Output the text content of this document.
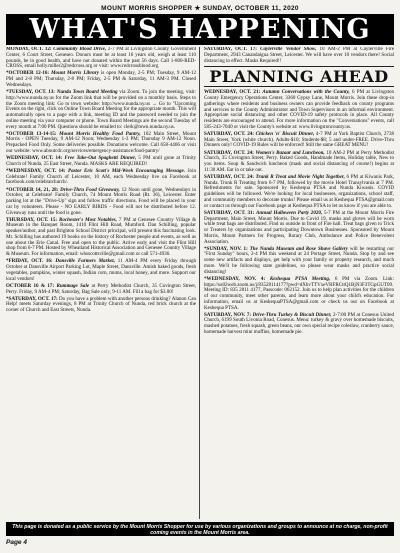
MOUNT MORRIS SHOPPER ★ SUNDAY, OCTOBER 11, 2020
WHAT'S HAPPENING

MONDAY, OCT. 12: Community Blood Drive, 2-7 PM at Livingston County Government Center, 6 Court Street, Geneseo. Donors must be at least 16 years old, weigh at least 110 pounds, be in good health, and have not donated within the past 56 days. Call 1-800-RED-CROSS, email holly.miller2@redcross.org or visit: www.redcrossblood.org

*OCTOBER 12-16: Mount Morris Library is open Monday, 2-5 PM; Tuesday, 9 AM-12 PM and 2-8 PM; Thursday, 2-8 PM; Friday, 2-5 PM & Saturday, 11 AM-3 PM. Closed Wednesdays.

*TUESDAY, OCT. 13: Nunda Town Board Meeting via Zoom. To join the meeting, visit: http://www.nunda.ny.us for the Zoom link that will be provided on a monthly basis. Steps to the Zoom meeting link: Go to town website: http://www.nunda.ny.us → Go to "Upcoming Events on the right, click on Online Town Board Meeting for the appropriate month. This will automatically open to a page with a link, meeting ID and the password needed to join the online meeting via your computer or phone. Town Board Meetings are the second Tuesday of every month at 7:00 PM. Questions should be emailed to: clerk@town.nunda.ny.us.

*OCTOBER 13-14-15: Mount Morris Healthy Food Pantry, 102 Main Street, Mount Morris - OPEN Tuesday, 9 AM-12 Noon; Wednesday 1-3 PM; Thursday 9 AM-12 Noon. Prepacked Food Only. Some deliveries possible. Donations welcome. Call 658-4466 or visit our website: www.aboutcdc.org/services/emergency-assistance/food-pantry/

WEDNESDAY, OCT. 14: Free Take-Out Spaghetti Dinner, 5 PM until gone at Trinity Church of Nunda, 25 East Street, Nunda. MASKS ARE REQUIRED!

*WEDNESDAY, OCT. 14: Pastor Eric Scott's Mid-Week Encouraging Message. Join Celebrate! Family Church of Leicester, 10 AM, each Wednesday live on Facebook at facebook.com/celebratchurch/.

*OCTOBER 14, 21, 28: Drive-Thru Food Giveaway, 12 Noon until gone, Wednesdays in October, at Celebrate! Family Church, 74 Mount Morris Road (Rt. 36), Leicester. Enter parking lot at the "Drive-Up" sign and follow traffic directions. Food will be placed in your car by volunteers. Please - NO EARLY BIRDS - Food will not be distributed before 12. Giveaway runs until the food is gone.

THURSDAY, OCT. 15: Rochester's Most Notables, 7 PM at Genesee Country Village & Museum in the Banquet Room, 1410 Flint Hill Road, Mumford. Dan Schilling, popular speaker/author, and past Brighton School District principal, will present this fascinating look. Mr. Schilling has authored 19 books on the history of Rochester people and events, as well as one about the Erie Canal. Free and open to the public. Arrive early and visit the Flint Hill shop from 6-7 PM. Hosted by Wheatland Historical Association and Genesee Country Village & Museum. For information, email: whsscottsville@gmail.com or call 571-4936.

*FRIDAY, OCT. 16: Dansville Farmers Market, 11 AM-4 PM every Friday through October at Dansville Airport Parking Lot, Maple Street, Dansville. Amish baked goods, fresh vegetables, pumpkins, winter squash, Indian corn, mums, local honey, and more. Support our local vendors!

OCTOBER 16 & 17: Rummage Sale at Perry Methodist Church, 35 Covington Street, Perry. Friday, 9 AM-4 PM; Saturday, Bag Sale only, 9-11 AM. Fill a bag for $3.00!

*SATURDAY, OCT. 17: Do you have a problem with another persons drinking? Alanon Can Help! meets Saturday evenings, 8 PM at Trinity Church of Nunda, red brick church at the corner of Church and East Streets, Nunda.

SATURDAY, OCT. 17: Caylerville Vendor Show, 10 AM-2 PM at Caylerville Fire Department, 2943 Canandaigua Street, Leicester. We will have over 10 vendors there! Social distancing in effect. Masks Required!!

PLANNING AHEAD

WEDNESDAY, OCT. 21: Autumn Conversations with the County, 6 PM at Livingston County Emergency Operations Center, 3360 Gypsy Lane, Mount Morris. Join these drop-in gatherings where residents and business owners can provide feedback on county programs and services to the County Administrator and Town Supervisors in an informal environment. Appropriate social distancing and other COVID-19 safety protocols in place. All County residents are encouraged to attend. For more information on the "Conversations" events, call 585-243-7040 or visit the County's website at: www.livingstoncounty.us.

SATURDAY, OCT. 24: Chicken 'n' Biscuit Dinner, 4-7 PM at York Baptist Church, 2738 Main Street, York (white church). Adults-$10; Students-$8; 5 and under-FREE. Drive-Thru Dinners only! COVID-19 Rules will be enforced! Still the same GREAT MENU!

SATURDAY, OCT. 24: Women's Bazaar and Luncheon, 10 AM-2 PM at Perry Methodist Church, 35 Covington Street, Perry. Baked Goods, Handmade Items, Holiday table, New to you items. Soup & Sandwich luncheon (mask and social distancing of course!) begins at 11:30 AM. Eat in or take out.

SATURDAY, OCT. 24: Trunk R Treat and Movie Night Together, 6 PM at Kiwanis Park, Nunda. Trunk R Treating from 6-7 PM, followed by the movie Hotel Transylvania at 7 PM. Refreshments for sale. Sponsored by Keshequa PTSA and Nunda Kiwanis. COVID guidelines will be followed. We're looking for local businesses, organizations, school staff, and community members to decorate trunks! Please email us at Keshequa PTSA@gmail.com or contact us through our Facebook page at Keshequa PTSA to let us know if you are able to.

SATURDAY, OCT. 31: Annual Halloween Party 2020, 5-7 PM at the Mount Morris Fire Department, Main Street, Mount Morris. Due to Covid 19, masks and gloves will be worn while treat bags are distributed. Find us outside in front of Fire hall. Treat bags given to Trick or Treaters by organizations and participating Downtown Businesses. Sponsored by Mount Morris, Mount Partners for Progress, Rotary Club, Ambulance and Police Benevolent Association.

*SUNDAY, NOV. 1: The Nunda Museum and Rose Shave Gallery will be restarting our "First Sunday" hours, 2-4 PM this weekend at 24 Portage Street, Nunda. Stop by and see some new artifacts and displays, get help with your family or property research, and much more. We'll be following state guidelines, so please wear masks and practice social distancing!

*WEDNESDAY, NOV. 4: Keshequa PTSA Meeting, 6 PM via Zoom. Link: https://us02web.zoom.us/j/83528114177?pwd=dXhvTTVxeVRFRCttQ1BjN3F3TGpGUT09. Meeting ID: 835 2811 4177, Passcode: 062152. Join us to help plan activities for the children of our community, meet other parents, and learn more about your child's education. For information, email us at KeshequaPTSA@gmail.com or check us out on Facebook at Keshequa PTSA.

SATURDAY, NOV. 7: Drive-Thru Turkey & Biscuit Dinner, 2-7:00 PM at Conesus United Church, 6199 South Livonia Road, Conesus. Menu: turkey & gravy over homemade biscuits, mashed potatoes, fresh squash, green beans, our own special recipe coleslaw, cranberry sauce, homemade harvest mini muffins, homemade pie.

This page is donated as a public service by the Mount Morris Shopper for use by various organizations and groups to announce at no charge, non-profit coming events in the Mount Morris area.
Page 4
